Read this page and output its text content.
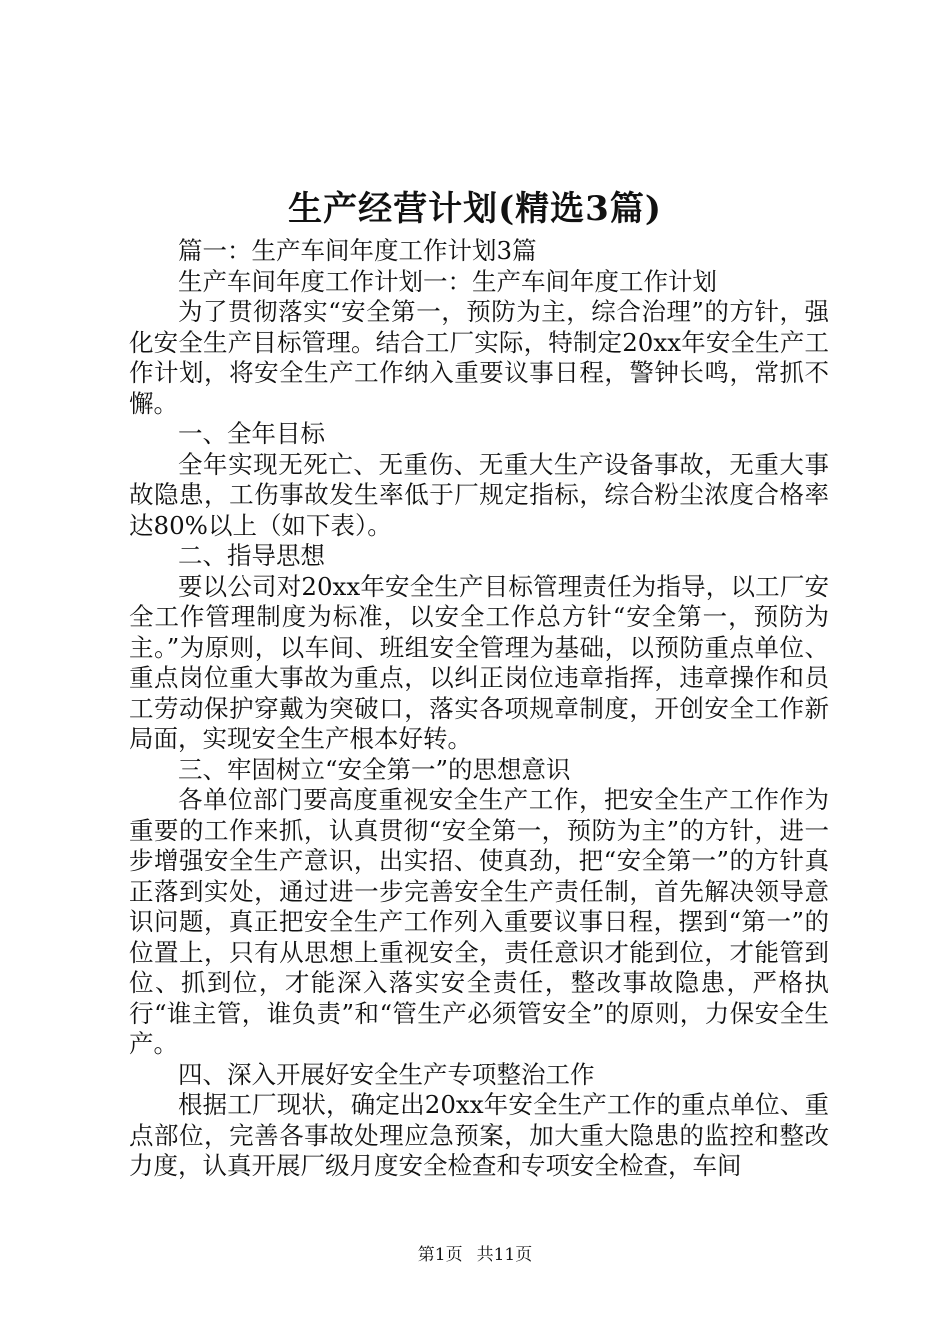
生产经营计划(精选3篇)

篇一：生产车间年度工作计划3篇

生产车间年度工作计划一：生产车间年度工作计划

为了贯彻落实“安全第一，预防为主，综合治理”的方针，强化安全生产目标管理。结合工厂实际，特制定20xx年安全生产工作计划，将安全生产工作纳入重要议事日程，警钟长鸣，常抓不懈。

一、全年目标

全年实现无死亡、无重伤、无重大生产设备事故，无重大事故隐患，工伤事故发生率低于厂规定指标，综合粉尘浓度合格率达80%以上（如下表）。

二、指导思想

要以公司对20xx年安全生产目标管理责任为指导，以工厂安全工作管理制度为标准，以安全工作总方针“安全第一，预防为主。”为原则，以车间、班组安全管理为基础，以预防重点单位、重点岗位重大事故为重点，以纠正岗位违章指挥，违章操作和员工劳动保护穿戴为突破口，落实各项规章制度，开创安全工作新局面，实现安全生产根本好转。

三、牢固树立“安全第一”的思想意识

各单位部门要高度重视安全生产工作，把安全生产工作作为重要的工作来抓，认真贯彻“安全第一，预防为主”的方针，进一步增强安全生产意识，出实招、使真劲，把“安全第一”的方针真正落到实处，通过进一步完善安全生产责任制，首先解决领导意识问题，真正把安全生产工作列入重要议事日程，摆到“第一”的位置上，只有从思想上重视安全，责任意识才能到位，才能管到位、抓到位，才能深入落实安全责任，整改事故隐患，严格执行“谁主管，谁负责”和“管生产必须管安全”的原则，力保安全生产。

四、深入开展好安全生产专项整治工作

根据工厂现状，确定出20xx年安全生产工作的重点单位、重点部位，完善各事故处理应急预案，加大重大隐患的监控和整改力度，认真开展厂级月度安全检查和专项安全检查，车间

第1页 共11页
